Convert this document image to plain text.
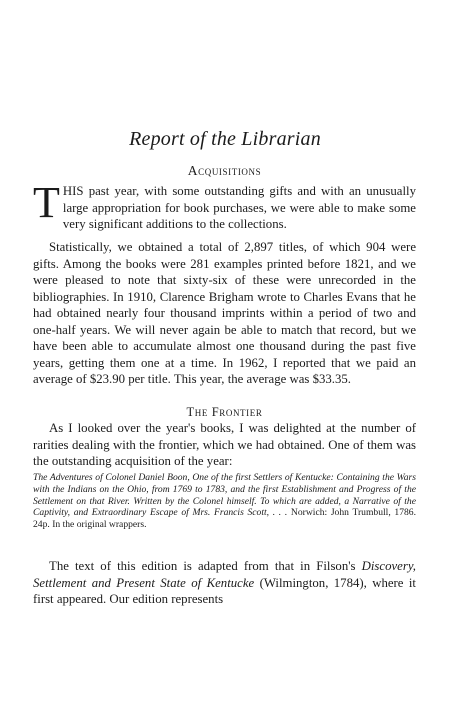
Report of the Librarian
Acquisitions

THIS past year, with some outstanding gifts and with an unusually large appropriation for book purchases, we were able to make some very significant additions to the collections.

Statistically, we obtained a total of 2,897 titles, of which 904 were gifts. Among the books were 281 examples printed before 1821, and we were pleased to note that sixty-six of these were unrecorded in the bibliographies. In 1910, Clarence Brigham wrote to Charles Evans that he had obtained nearly four thousand imprints within a period of two and one-half years. We will never again be able to match that record, but we have been able to accumulate almost one thousand during the past five years, getting them one at a time. In 1962, I reported that we paid an average of $23.90 per title. This year, the average was $33.35.

The Frontier

As I looked over the year's books, I was delighted at the number of rarities dealing with the frontier, which we had obtained. One of them was the outstanding acquisition of the year:

The Adventures of Colonel Daniel Boon, One of the first Settlers of Kentucke: Containing the Wars with the Indians on the Ohio, from 1769 to 1783, and the first Establishment and Progress of the Settlement on that River. Written by the Colonel himself. To which are added, a Narrative of the Captivity, and Extraordinary Escape of Mrs. Francis Scott, . . . Norwich: John Trumbull, 1786. 24p. In the original wrappers.

The text of this edition is adapted from that in Filson's Discovery, Settlement and Present State of Kentucke (Wilmington, 1784), where it first appeared. Our edition represents
